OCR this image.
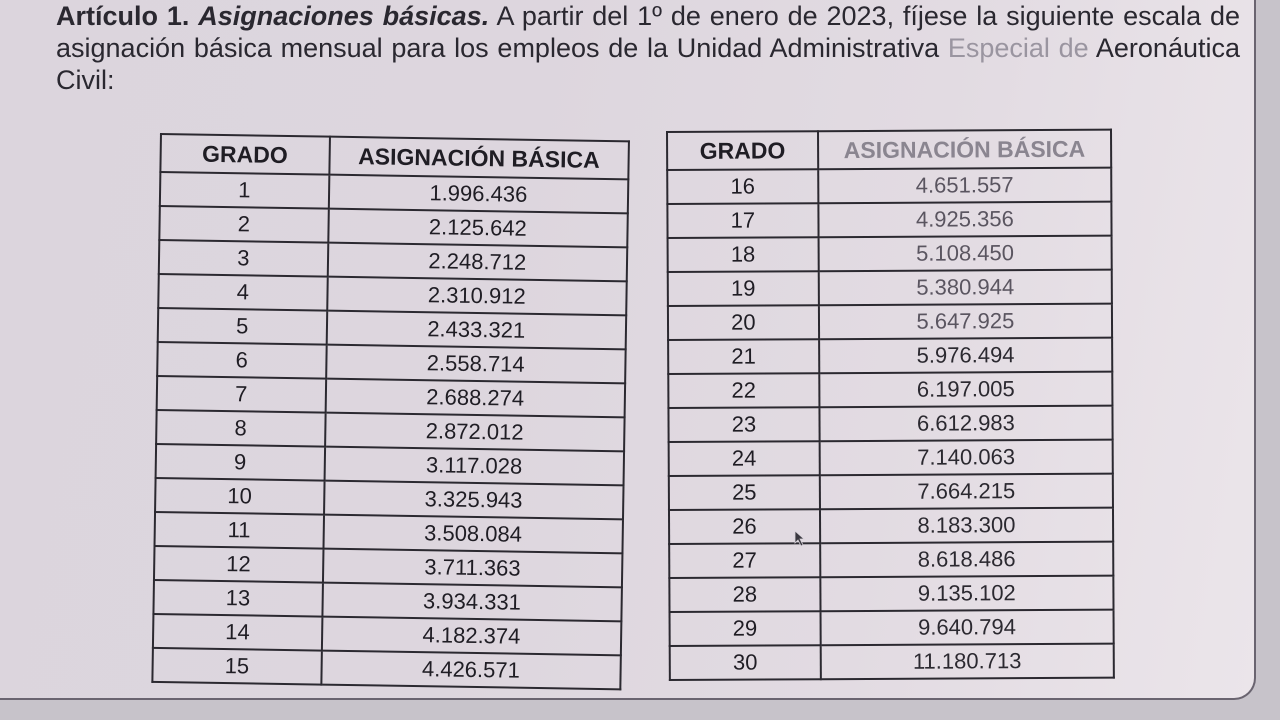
Artículo 1. Asignaciones básicas. A partir del 1º de enero de 2023, fíjese la siguiente escala de asignación básica mensual para los empleos de la Unidad Administrativa Especial de Aeronáutica Civil:
GRADO	ASIGNACIÓN BÁSICA
1	1.996.436
2	2.125.642
3	2.248.712
4	2.310.912
5	2.433.321
6	2.558.714
7	2.688.274
8	2.872.012
9	3.117.028
10	3.325.943
11	3.508.084
12	3.711.363
13	3.934.331
14	4.182.374
15	4.426.571
GRADO	ASIGNACIÓN BÁSICA
16	4.651.557
17	4.925.356
18	5.108.450
19	5.380.944
20	5.647.925
21	5.976.494
22	6.197.005
23	6.612.983
24	7.140.063
25	7.664.215
26	8.183.300
27	8.618.486
28	9.135.102
29	9.640.794
30	11.180.713
